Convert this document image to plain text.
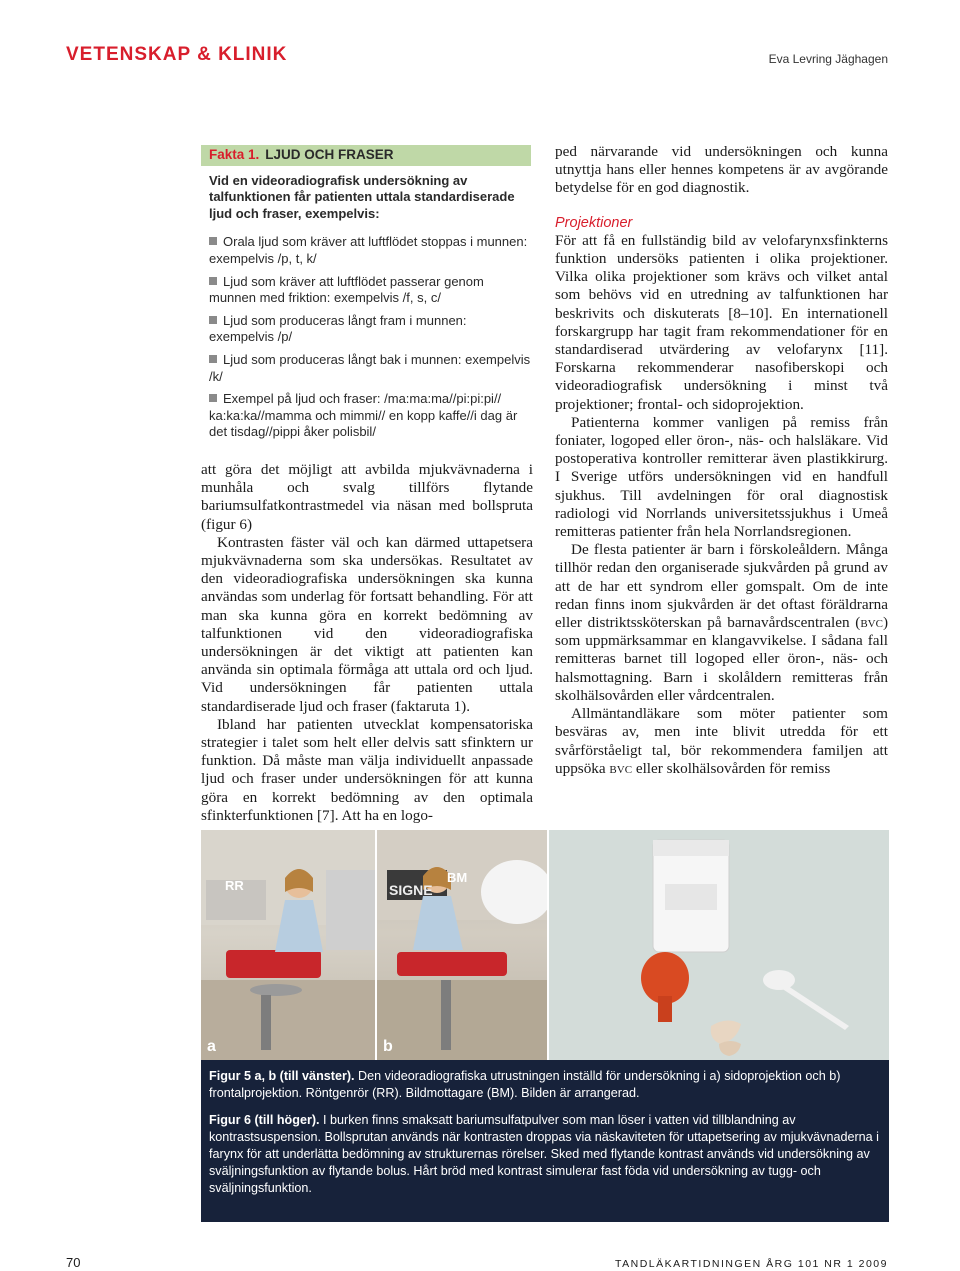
VETENSKAP & KLINIK	Eva Levring Jäghagen
Fakta 1. LJUD OCH FRASER
Vid en videoradiografisk undersökning av talfunktionen får patienten uttala standardiserade ljud och fraser, exempelvis:
Orala ljud som kräver att luftflödet stoppas i munnen: exempelvis /p, t, k/
Ljud som kräver att luftflödet passerar genom munnen med friktion: exempelvis /f, s, c/
Ljud som produceras långt fram i munnen: exempelvis /p/
Ljud som produceras långt bak i munnen: exempelvis /k/
Exempel på ljud och fraser: /ma:ma:ma//pi:pi:pi// ka:ka:ka//mamma och mimmi// en kopp kaffe//i dag är det tisdag//pippi åker polisbil/

att göra det möjligt att avbilda mjukvävnaderna i munhåla och svalg tillförs flytande bariumsulfatkontrastmedel via näsan med bollspruta (figur 6)

Kontrasten fäster väl och kan därmed uttapetsera mjukvävnaderna som ska undersökas. Resultatet av den videoradiografiska undersökningen ska kunna användas som underlag för fortsatt behandling. För att man ska kunna göra en korrekt bedömning av talfunktionen vid den videoradiografiska undersökningen är det viktigt att patienten kan använda sin optimala förmåga att uttala ord och ljud. Vid undersökningen får patienten uttala standardiserade ljud och fraser (faktaruta 1).

Ibland har patienten utvecklat kompensatoriska strategier i talet som helt eller delvis satt sfinktern ur funktion. Då måste man välja individuellt anpassade ljud och fraser under undersökningen för att kunna göra en korrekt bedömning av den optimala sfinkterfunktionen [7]. Att ha en logo-

ped närvarande vid undersökningen och kunna utnyttja hans eller hennes kompetens är av avgörande betydelse för en god diagnostik.

Projektioner

För att få en fullständig bild av velofarynxsfinkterns funktion undersöks patienten i olika projektioner. Vilka olika projektioner som krävs och vilket antal som behövs vid en utredning av talfunktionen har beskrivits och diskuterats [8–10]. En internationell forskargrupp har tagit fram rekommendationer för en standardiserad utvärdering av velofarynx [11]. Forskarna rekommenderar nasofiberskopi och videoradiografisk undersökning i minst två projektioner; frontal- och sidoprojektion.

Patienterna kommer vanligen på remiss från foniater, logoped eller öron-, näs- och halsläkare. Vid postoperativa kontroller remitterar även plastikkirurg. I Sverige utförs undersökningen vid en handfull sjukhus. Till avdelningen för oral diagnostisk radiologi vid Norrlands universitetssjukhus i Umeå remitteras patienter från hela Norrlandsregionen.

De flesta patienter är barn i förskoleåldern. Många tillhör redan den organiserade sjukvården på grund av att de har ett syndrom eller gomspalt. Om de inte redan finns inom sjukvården är det oftast föräldrarna eller distriktssköterskan på barnavårdscentralen (bvc) som uppmärksammar en klangavvikelse. I sådana fall remitteras barnet till logoped eller öron-, näs- och halsmottagning. Barn i skolåldern remitteras från skolhälsovården eller vårdcentralen.

Allmäntandläkare som möter patienter som besväras av, men inte blivit utredda för ett svårförståeligt tal, bör rekommendera familjen att uppsöka bvc eller skolhälsovården för remiss

RR
a
BM
SIGNE
b

Figur 5 a, b (till vänster). Den videoradiografiska utrustningen inställd för undersökning i a) sidoprojektion och b) frontalprojektion. Röntgenrör (RR). Bildmottagare (BM). Bilden är arrangerad.

Figur 6 (till höger). I burken finns smaksatt bariumsulfatpulver som man löser i vatten vid tillblandning av kontrastsuspension. Bollsprutan används när kontrasten droppas via näskaviteten för uttapetsering av mjukvävnaderna i farynx för att underlätta bedömning av strukturernas rörelser. Sked med flytande kontrast används vid undersökning av sväljningsfunktion av flytande bolus. Hårt bröd med kontrast simulerar fast föda vid undersökning av tugg- och sväljningsfunktion.

70	TANDLÄKARTIDNINGEN ÅRG 101 NR 1 2009
